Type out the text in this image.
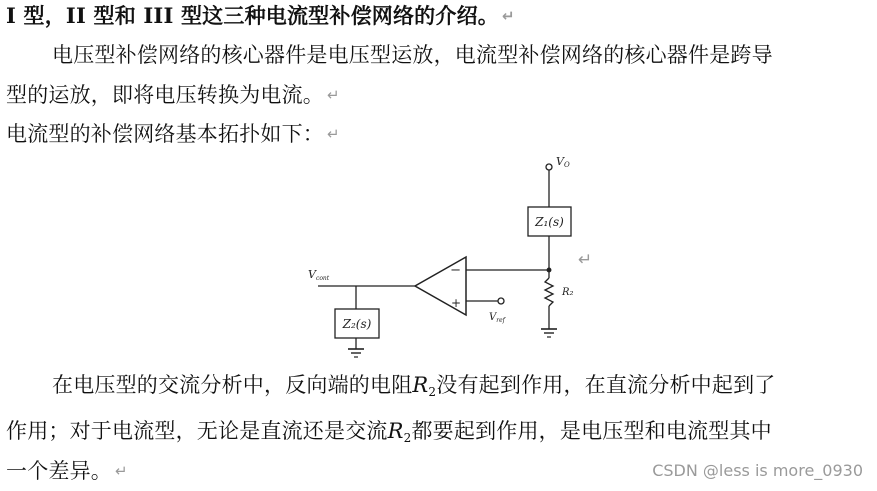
I 型，II 型和 III 型这三种电流型补偿网络的介绍。 ↵
电压型补偿网络的核心器件是电压型运放，电流型补偿网络的核心器件是跨导
型的运放，即将电压转换为电流。 ↵
电流型的补偿网络基本拓扑如下： ↵
VO
Z₁(s)
R₂
−
+
$V_{ref}$
Vcont
Z₂(s)
↵
在电压型的交流分析中，反向端的电阻$R_2$没有起到作用，在直流分析中起到了
作用；对于电流型，无论是直流还是交流$R_2$都要起到作用，是电压型和电流型其中
一个差异。 ↵	CSDN @less is more_0930
